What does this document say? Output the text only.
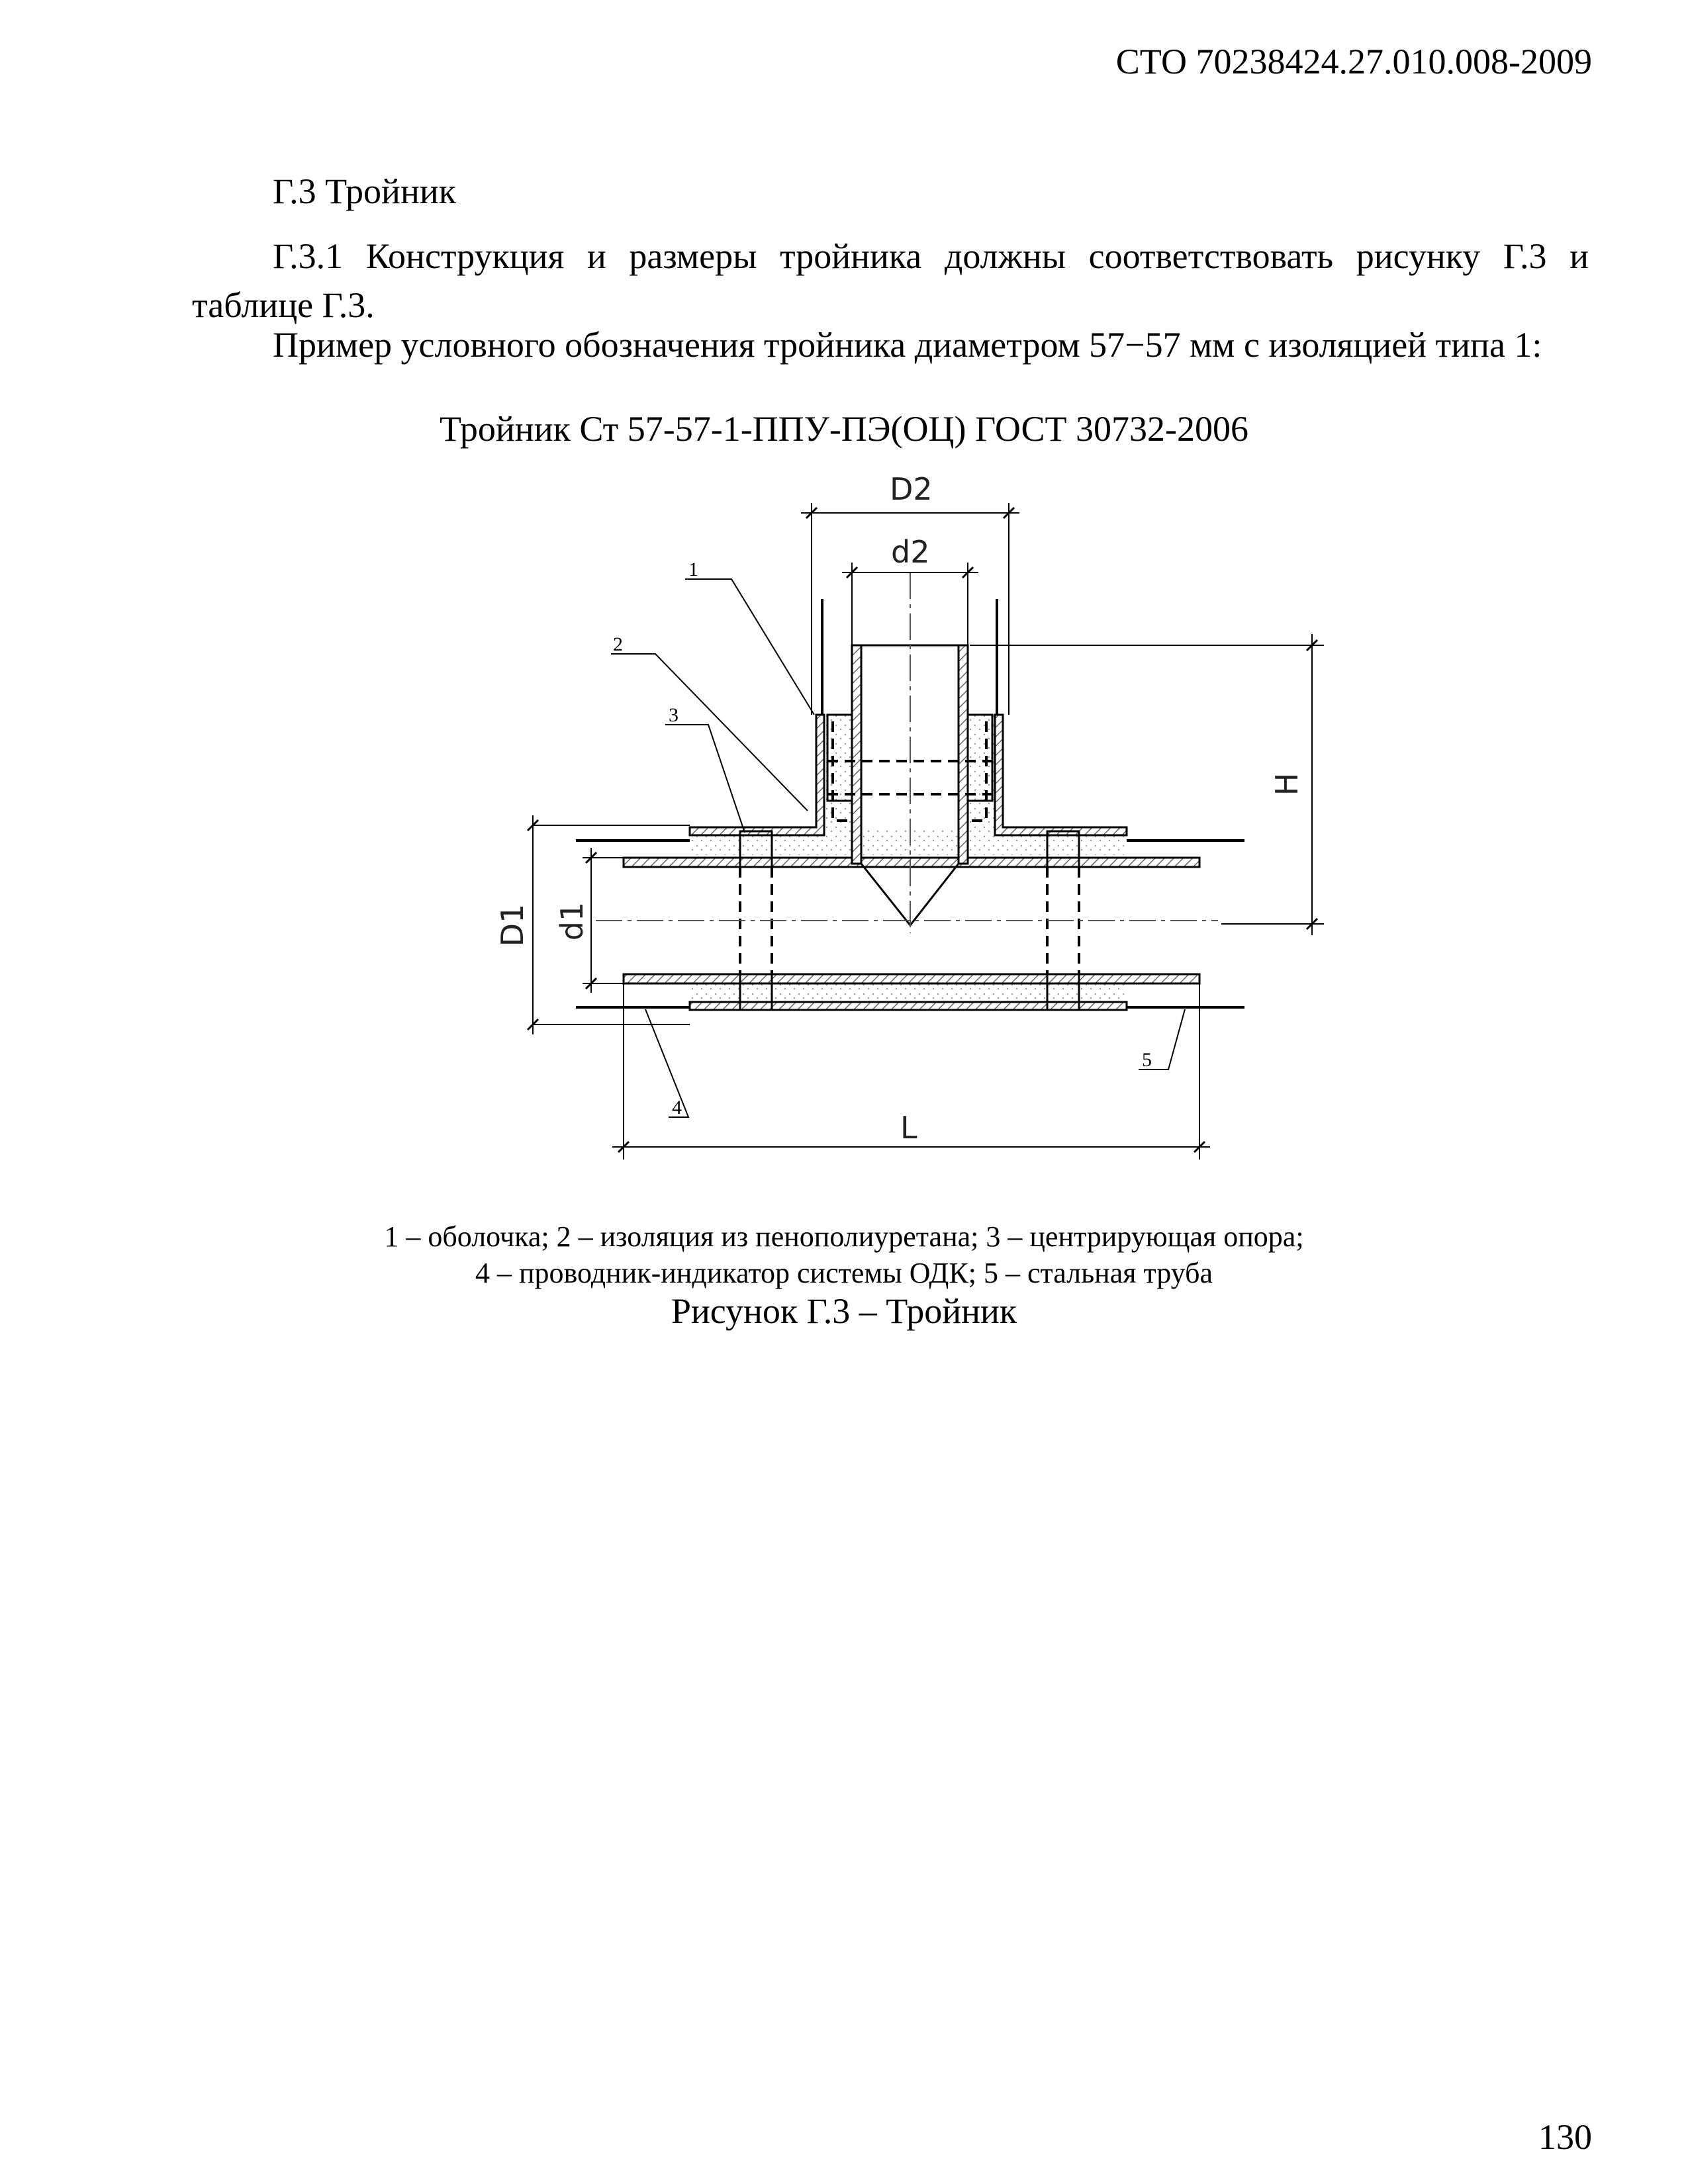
СТО 70238424.27.010.008-2009
Г.3 Тройник
Г.3.1 Конструкция и размеры тройника должны соответствовать рисунку Г.3 и таблице Г.3.
Пример условного обозначения тройника диаметром 57−57 мм с изоляцией типа 1:
Тройник Ст 57-57-1-ППУ-ПЭ(ОЦ) ГОСТ 30732-2006
D2
d2
H
D1 d1
L
1
2
3
4
5
1 – оболочка; 2 – изоляция из пенополиуретана; 3 – центрирующая опора;
4 – проводник-индикатор системы ОДК; 5 – стальная труба
Рисунок Г.3 – Тройник
130
